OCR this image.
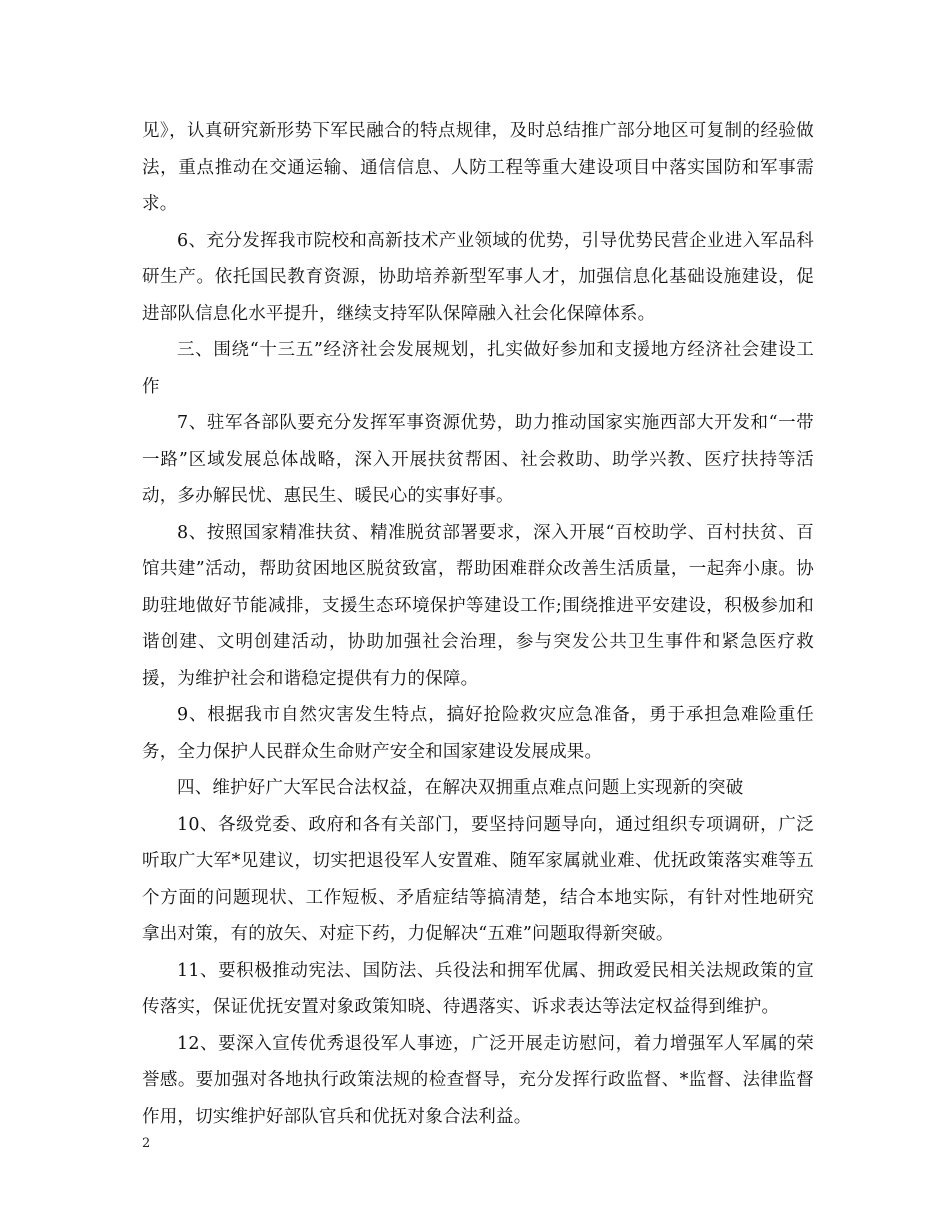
见》，认真研究新形势下军民融合的特点规律，及时总结推广部分地区可复制的经验做法，重点推动在交通运输、通信信息、人防工程等重大建设项目中落实国防和军事需求。

6、充分发挥我市院校和高新技术产业领域的优势，引导优势民营企业进入军品科研生产。依托国民教育资源，协助培养新型军事人才，加强信息化基础设施建设，促进部队信息化水平提升，继续支持军队保障融入社会化保障体系。

三、围绕“十三五”经济社会发展规划，扎实做好参加和支援地方经济社会建设工作

7、驻军各部队要充分发挥军事资源优势，助力推动国家实施西部大开发和“一带一路”区域发展总体战略，深入开展扶贫帮困、社会救助、助学兴教、医疗扶持等活动，多办解民忧、惠民生、暖民心的实事好事。

8、按照国家精准扶贫、精准脱贫部署要求，深入开展“百校助学、百村扶贫、百馆共建”活动，帮助贫困地区脱贫致富，帮助困难群众改善生活质量，一起奔小康。协助驻地做好节能减排，支援生态环境保护等建设工作;围绕推进平安建设，积极参加和谐创建、文明创建活动，协助加强社会治理，参与突发公共卫生事件和紧急医疗救援，为维护社会和谐稳定提供有力的保障。

9、根据我市自然灾害发生特点，搞好抢险救灾应急准备，勇于承担急难险重任务，全力保护人民群众生命财产安全和国家建设发展成果。

四、维护好广大军民合法权益，在解决双拥重点难点问题上实现新的突破

10、各级党委、政府和各有关部门，要坚持问题导向，通过组织专项调研，广泛听取广大军*见建议，切实把退役军人安置难、随军家属就业难、优抚政策落实难等五个方面的问题现状、工作短板、矛盾症结等搞清楚，结合本地实际，有针对性地研究拿出对策，有的放矢、对症下药，力促解决“五难”问题取得新突破。

11、要积极推动宪法、国防法、兵役法和拥军优属、拥政爱民相关法规政策的宣传落实，保证优抚安置对象政策知晓、待遇落实、诉求表达等法定权益得到维护。

12、要深入宣传优秀退役军人事迹，广泛开展走访慰问，着力增强军人军属的荣誉感。要加强对各地执行政策法规的检查督导，充分发挥行政监督、*监督、法律监督作用，切实维护好部队官兵和优抚对象合法利益。

2
